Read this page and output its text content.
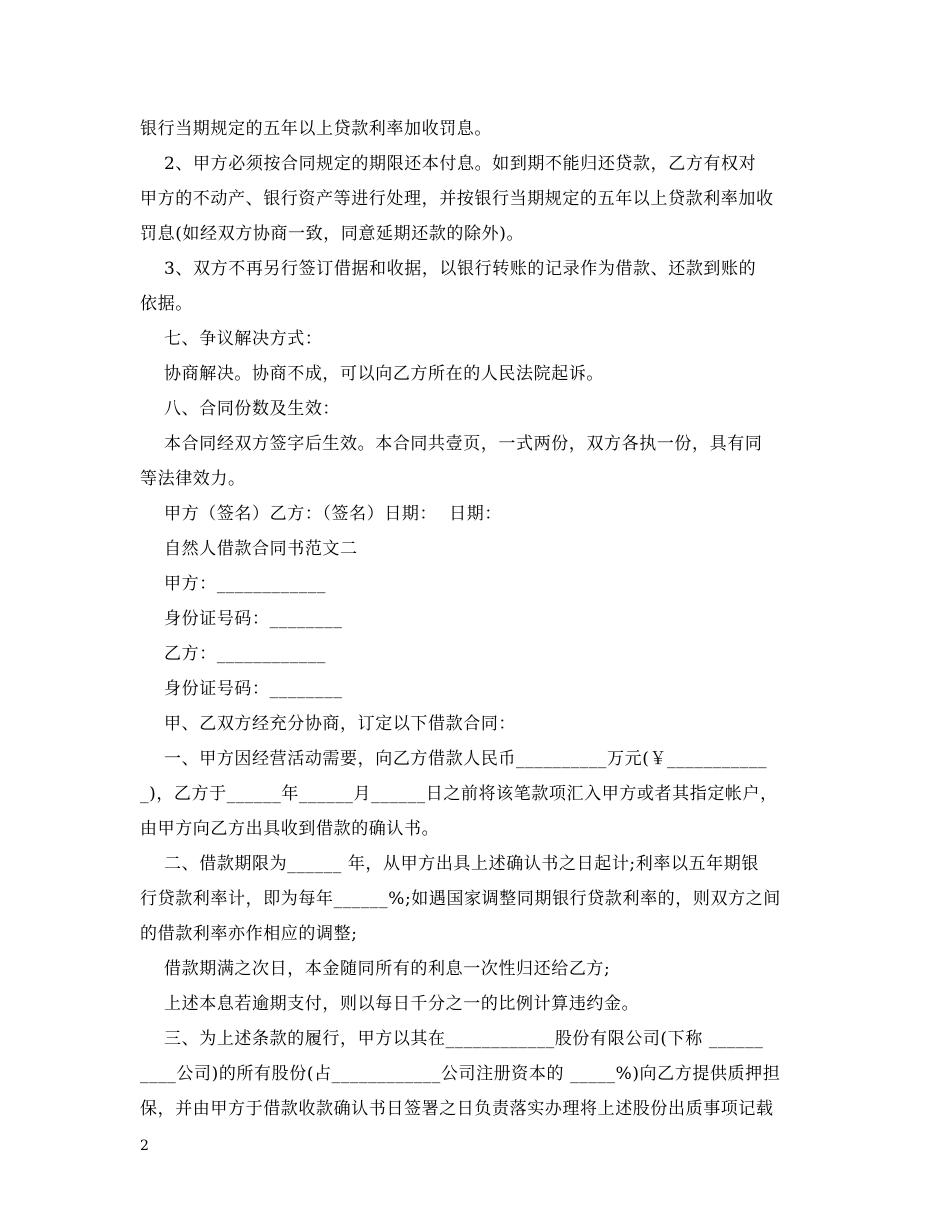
银行当期规定的五年以上贷款利率加收罚息。
2、甲方必须按合同规定的期限还本付息。如到期不能归还贷款，乙方有权对
甲方的不动产、银行资产等进行处理，并按银行当期规定的五年以上贷款利率加收
罚息(如经双方协商一致，同意延期还款的除外)。
3、双方不再另行签订借据和收据，以银行转账的记录作为借款、还款到账的
依据。
七、争议解决方式：
协商解决。协商不成，可以向乙方所在的人民法院起诉。
八、合同份数及生效：
本合同经双方签字后生效。本合同共壹页，一式两份，双方各执一份，具有同
等法律效力。
甲方（签名）乙方：（签名）日期：  日期：
自然人借款合同书范文二
甲方：____________
身份证号码：________
乙方：____________
身份证号码：________
甲、乙双方经充分协商，订定以下借款合同：
一、甲方因经营活动需要，向乙方借款人民币__________万元(￥___________
_)，乙方于______年______月______日之前将该笔款项汇入甲方或者其指定帐户，
由甲方向乙方出具收到借款的确认书。
二、借款期限为______ 年，从甲方出具上述确认书之日起计;利率以五年期银
行贷款利率计，即为每年______%;如遇国家调整同期银行贷款利率的，则双方之间
的借款利率亦作相应的调整;
借款期满之次日，本金随同所有的利息一次性归还给乙方;
上述本息若逾期支付，则以每日千分之一的比例计算违约金。
三、为上述条款的履行，甲方以其在____________股份有限公司(下称 ______
____公司)的所有股份(占____________公司注册资本的 _____%)向乙方提供质押担
保，并由甲方于借款收款确认书日签署之日负责落实办理将上述股份出质事项记载
2
